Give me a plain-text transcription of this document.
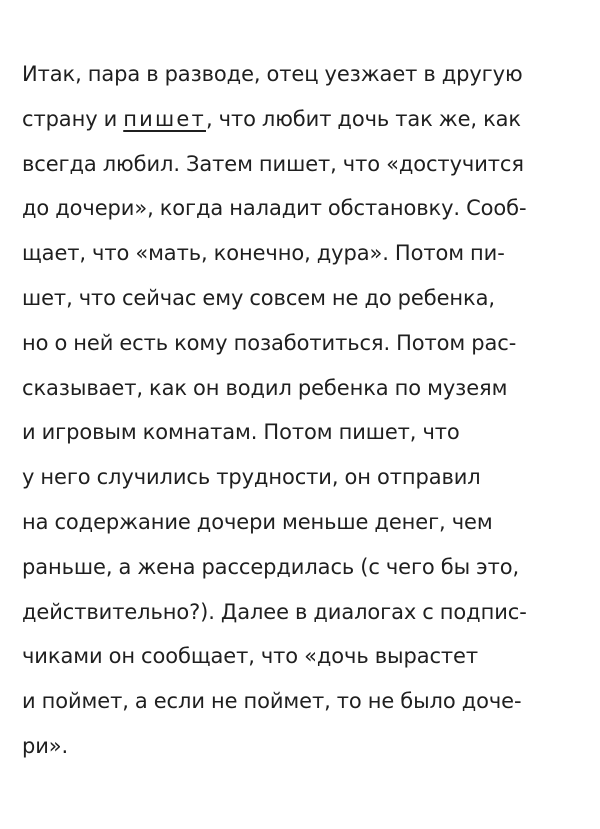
Итак, пара в разводе, отец уезжает в другую
страну и пишет, что любит дочь так же, как
всегда любил. Затем пишет, что «достучится
до дочери», когда наладит обстановку. Сооб-
щает, что «мать, конечно, дура». Потом пи-
шет, что сейчас ему совсем не до ребенка,
но о ней есть кому позаботиться. Потом рас-
сказывает, как он водил ребенка по музеям
и игровым комнатам. Потом пишет, что
у него случились трудности, он отправил
на содержание дочери меньше денег, чем
раньше, а жена рассердилась (с чего бы это,
действительно?). Далее в диалогах с подпис-
чиками он сообщает, что «дочь вырастет
и поймет, а если не поймет, то не было доче-
ри».
